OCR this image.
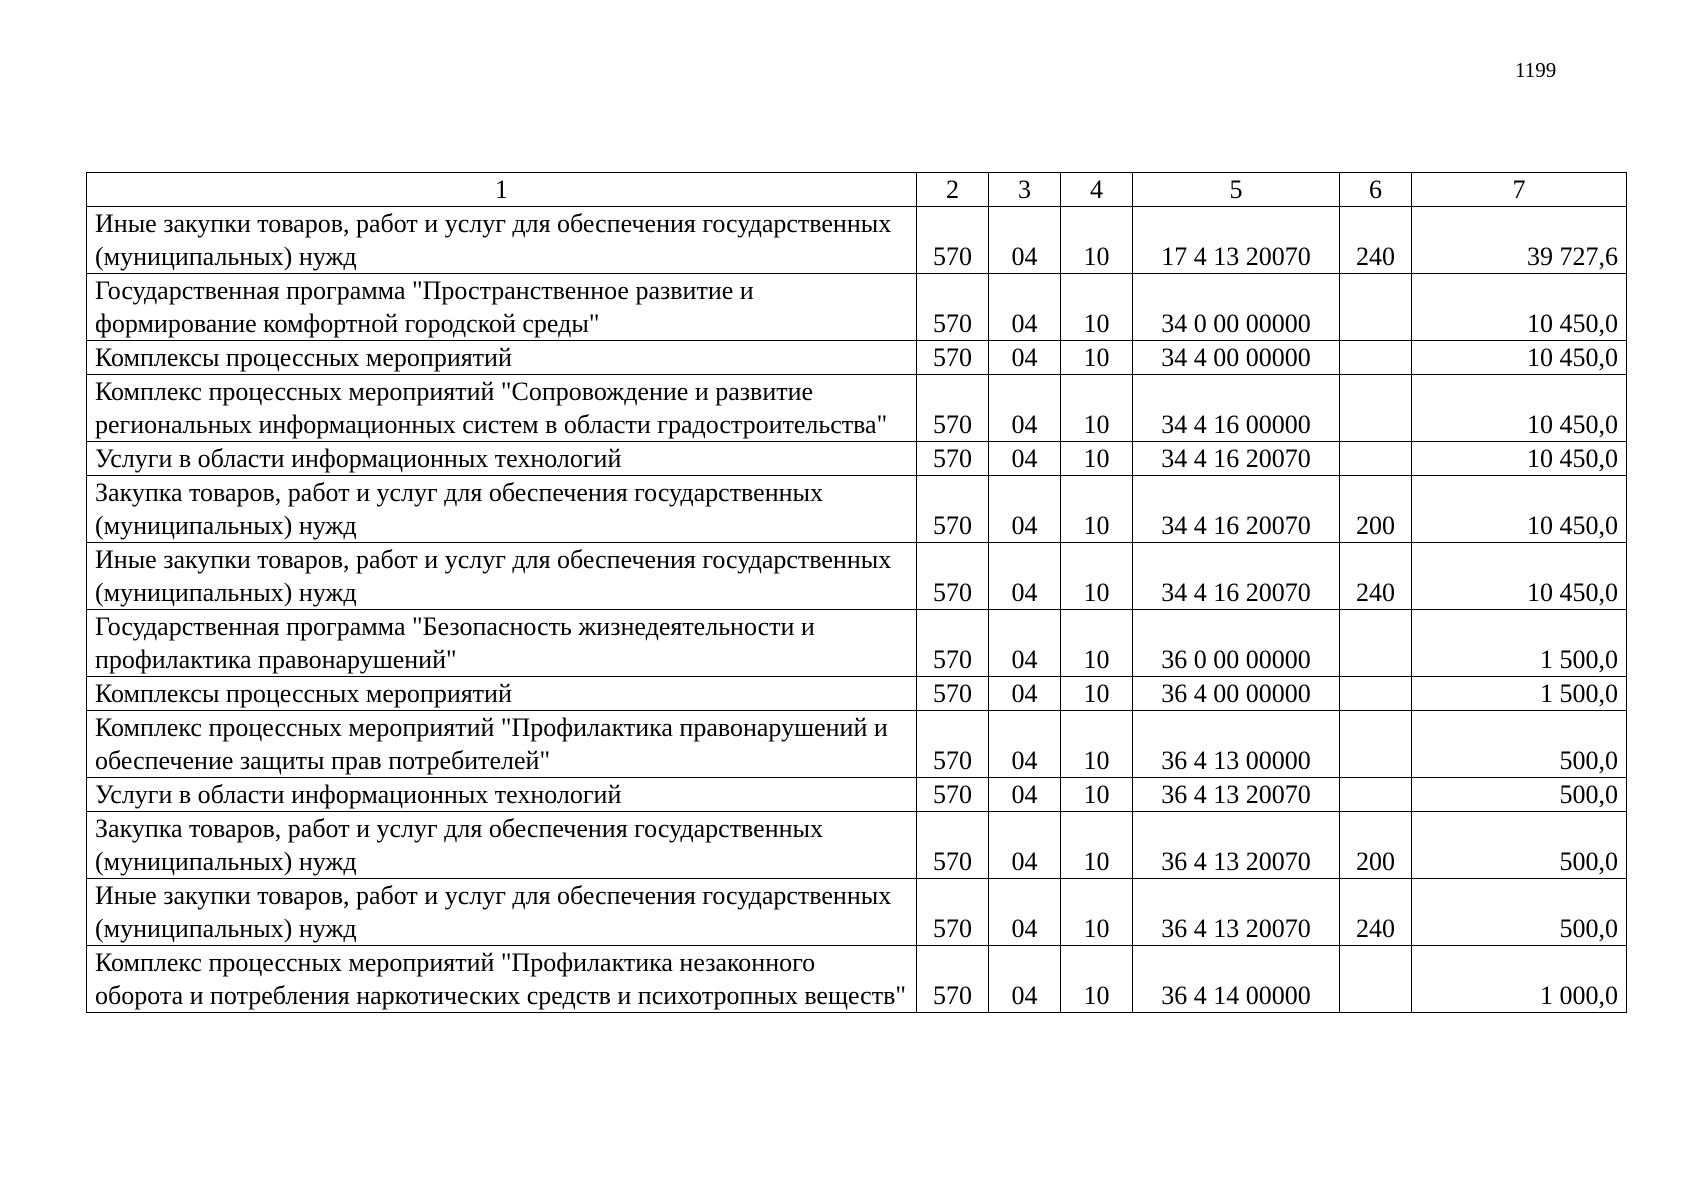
1199
1	2	3	4	5	6	7
Иные закупки товаров, работ и услуг для обеспечения государственных (муниципальных) нужд	570	04	10	17 4 13 20070	240	39 727,6
Государственная программа "Пространственное развитие и формирование комфортной городской среды"	570	04	10	34 0 00 00000		10 450,0
Комплексы процессных мероприятий	570	04	10	34 4 00 00000		10 450,0
Комплекс процессных мероприятий "Сопровождение и развитие региональных информационных систем в области градостроительства"	570	04	10	34 4 16 00000		10 450,0
Услуги в области информационных технологий	570	04	10	34 4 16 20070		10 450,0
Закупка товаров, работ и услуг для обеспечения государственных (муниципальных) нужд	570	04	10	34 4 16 20070	200	10 450,0
Иные закупки товаров, работ и услуг для обеспечения государственных (муниципальных) нужд	570	04	10	34 4 16 20070	240	10 450,0
Государственная программа "Безопасность жизнедеятельности и профилактика правонарушений"	570	04	10	36 0 00 00000		1 500,0
Комплексы процессных мероприятий	570	04	10	36 4 00 00000		1 500,0
Комплекс процессных мероприятий "Профилактика правонарушений и обеспечение защиты прав потребителей"	570	04	10	36 4 13 00000		500,0
Услуги в области информационных технологий	570	04	10	36 4 13 20070		500,0
Закупка товаров, работ и услуг для обеспечения государственных (муниципальных) нужд	570	04	10	36 4 13 20070	200	500,0
Иные закупки товаров, работ и услуг для обеспечения государственных (муниципальных) нужд	570	04	10	36 4 13 20070	240	500,0
Комплекс процессных мероприятий "Профилактика незаконного оборота и потребления наркотических средств и психотропных веществ"	570	04	10	36 4 14 00000		1 000,0
